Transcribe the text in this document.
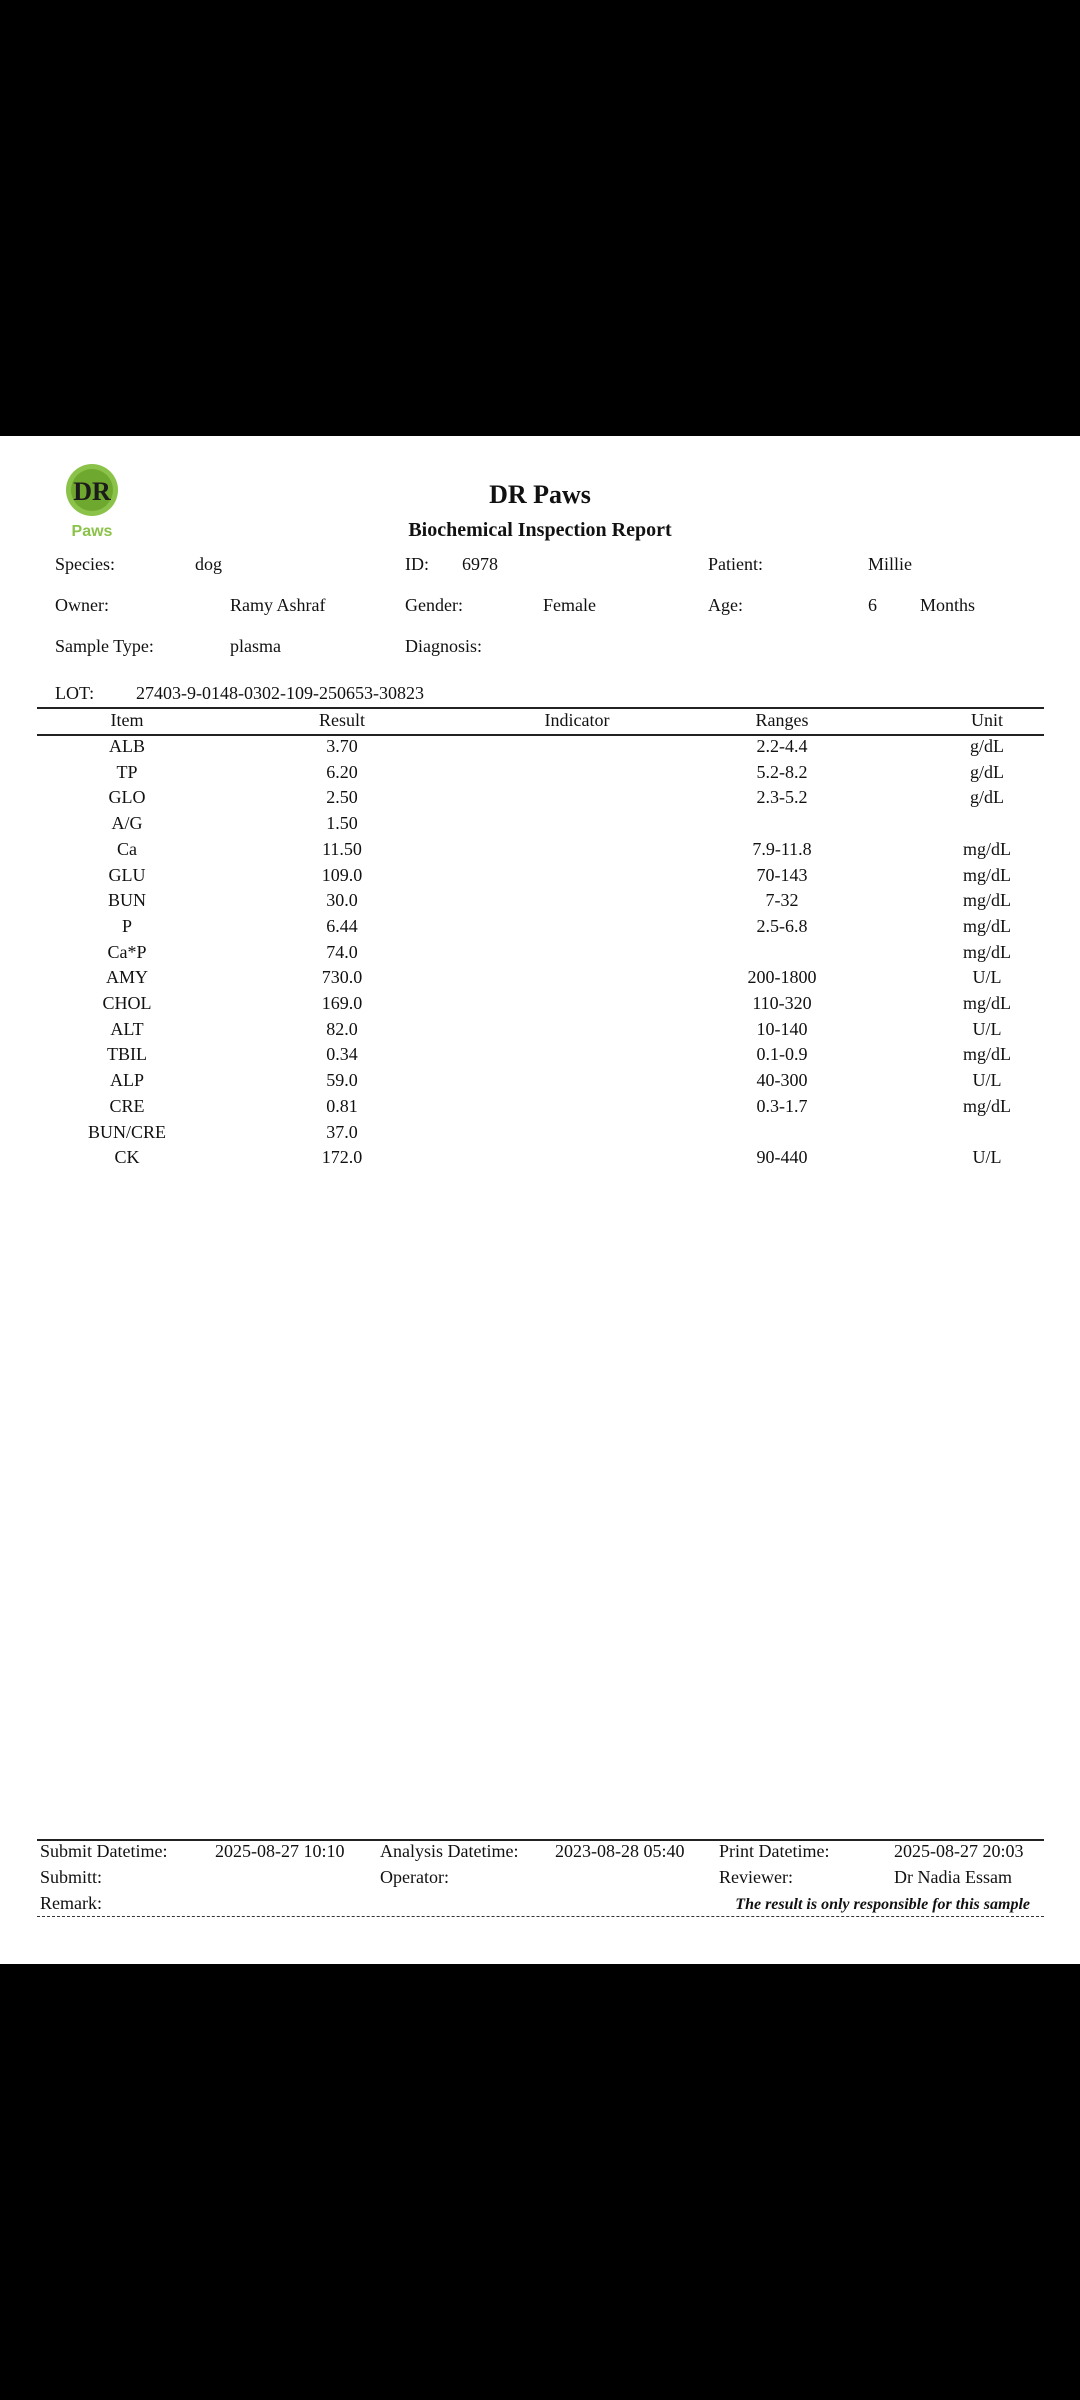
DR
Paws
DR Paws
Biochemical Inspection Report
Species:	dog	ID: 6978	Patient:	Millie
Owner:	Ramy Ashraf	Gender:	Female	Age:	6 Months
Sample Type:	plasma	Diagnosis:
LOT: 27403-9-0148-0302-109-250653-30823
Item	Result	Indicator	Ranges	Unit
ALB	3.70	2.2-4.4	g/dL
TP	6.20	5.2-8.2	g/dL
GLO	2.50	2.3-5.2	g/dL
A/G	1.50
Ca	11.50	7.9-11.8	mg/dL
GLU	109.0	70-143	mg/dL
BUN	30.0	7-32	mg/dL
P	6.44	2.5-6.8	mg/dL
Ca*P	74.0	mg/dL
AMY	730.0	200-1800	U/L
CHOL	169.0	110-320	mg/dL
ALT	82.0	10-140	U/L
TBIL	0.34	0.1-0.9	mg/dL
ALP	59.0	40-300	U/L
CRE	0.81	0.3-1.7	mg/dL
BUN/CRE	37.0
CK	172.0	90-440	U/L
Submit Datetime:	2025-08-27 10:10 Analysis Datetime: 2023-08-28 05:40 Print Datetime:	2025-08-27 20:03
Submitt:	Operator:	Reviewer:	Dr Nadia Essam
Remark:	The result is only responsible for this sample
